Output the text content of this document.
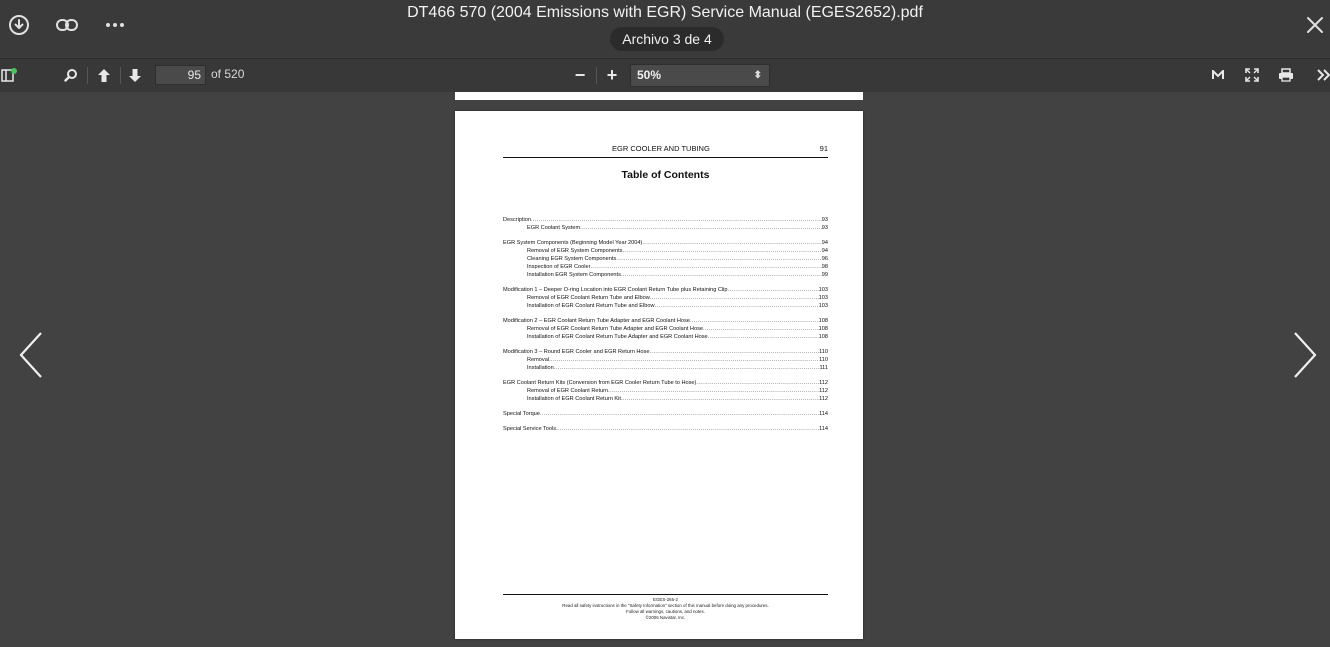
DT466 570 (2004 Emissions with EGR) Service Manual (EGES2652).pdf
Archivo 3 de 4
95
of 520	− +	50%	⬍
EGR COOLER AND TUBING	91
Table of Contents
Description .....	93
EGR Coolant System .....	93
EGR System Components (Beginning Model Year 2004) .....	94
Removal of EGR System Components .....	94
Cleaning EGR System Components .....	96
Inspection of EGR Cooler .....	98
Installation EGR System Components .....	99
Modification 1 – Deeper O-ring Location into EGR Coolant Return Tube plus Retaining Clip .....	103
Removal of EGR Coolant Return Tube and Elbow .....	103
Installation of EGR Coolant Return Tube and Elbow .....	103
Modification 2 – EGR Coolant Return Tube Adapter and EGR Coolant Hose .....	108
Removal of EGR Coolant Return Tube Adapter and EGR Coolant Hose .....	108
Installation of EGR Coolant Return Tube Adapter and EGR Coolant Hose .....	108
Modification 3 – Round EGR Cooler and EGR Return Hose .....	110
Removal .....	110
Installation .....	111
EGR Coolant Return Kits (Conversion from EGR Cooler Return Tube to Hose) .....	112
Removal of EGR Coolant Return .....	112
Installation of EGR Coolant Return Kit .....	112
Special Torque .....	114
Special Service Tools .....	114
EGES-265-2
Read all safety instructions in the "Safety Information" section of this manual before doing any procedures.
Follow all warnings, cautions, and notes.
©2006 Navistar, Inc.
